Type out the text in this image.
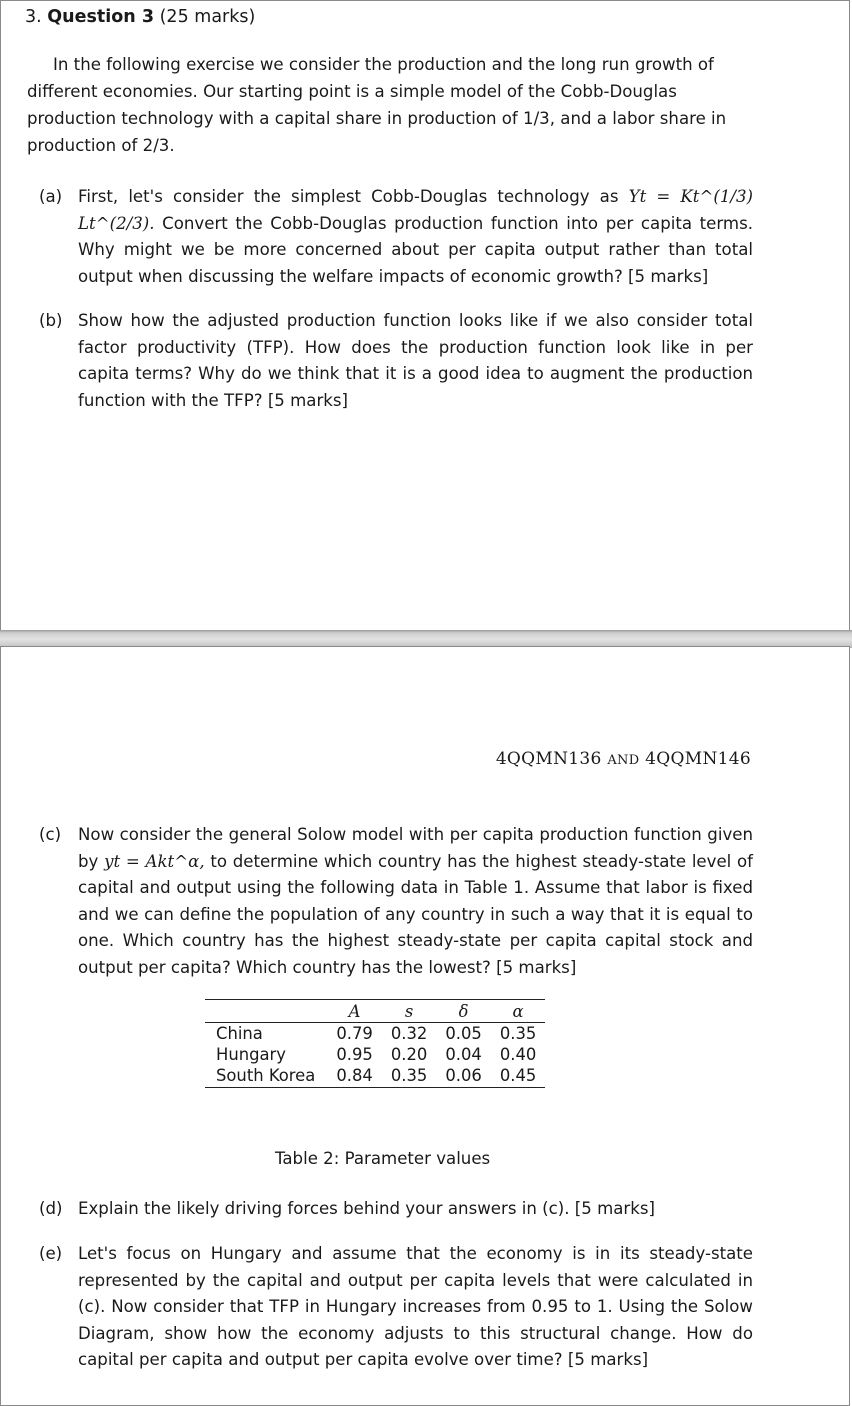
3. Question 3 (25 marks)
In the following exercise we consider the production and the long run growth of different economies. Our starting point is a simple model of the Cobb-Douglas production technology with a capital share in production of 1/3, and a labor share in production of 2/3.
(a) First, let's consider the simplest Cobb-Douglas technology as Yt = Kt^(1/3) Lt^(2/3). Convert the Cobb-Douglas production function into per capita terms. Why might we be more concerned about per capita output rather than total output when discussing the welfare impacts of economic growth? [5 marks]
(b) Show how the adjusted production function looks like if we also consider total factor productivity (TFP). How does the production function look like in per capita terms? Why do we think that it is a good idea to augment the production function with the TFP? [5 marks]
4QQMN136 AND 4QQMN146
(c) Now consider the general Solow model with per capita production function given by yt = Akt^α, to determine which country has the highest steady-state level of capital and output using the following data in Table 1. Assume that labor is fixed and we can define the population of any country in such a way that it is equal to one. Which country has the highest steady-state per capita capital stock and output per capita? Which country has the lowest? [5 marks]
	A	s	δ	α
China	0.79	0.32	0.05	0.35
Hungary	0.95	0.20	0.04	0.40
South Korea	0.84	0.35	0.06	0.45
Table 2: Parameter values
(d) Explain the likely driving forces behind your answers in (c). [5 marks]
(e) Let's focus on Hungary and assume that the economy is in its steady-state represented by the capital and output per capita levels that were calculated in (c). Now consider that TFP in Hungary increases from 0.95 to 1. Using the Solow Diagram, show how the economy adjusts to this structural change. How do capital per capita and output per capita evolve over time? [5 marks]
